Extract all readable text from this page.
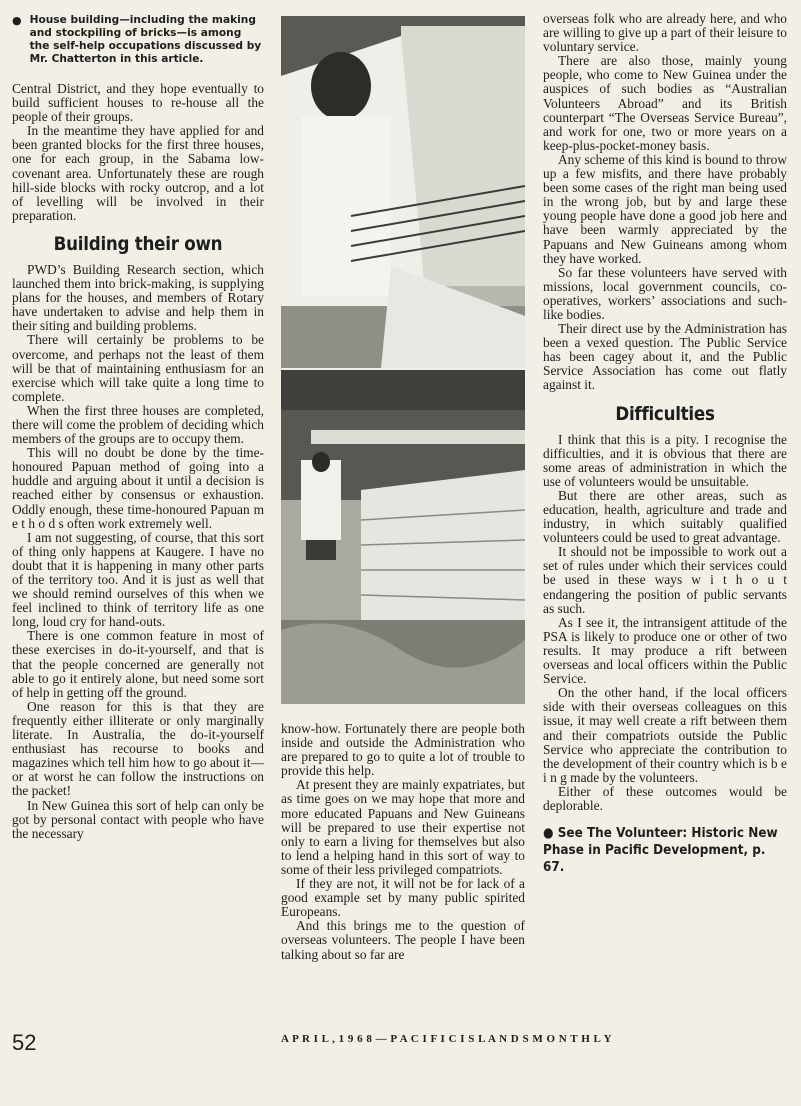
● House building—including the making and stockpiling of bricks—is among the self-help occupations discussed by Mr. Chatterton in this article.

Central District, and they hope eventually to build sufficient houses to re-house all the people of their groups.

In the meantime they have applied for and been granted blocks for the first three houses, one for each group, in the Sabama low-covenant area. Unfortunately these are rough hill-side blocks with rocky outcrop, and a lot of levelling will be involved in their preparation.

Building their own

PWD’s Building Research section, which launched them into brick-making, is supplying plans for the houses, and members of Rotary have undertaken to advise and help them in their siting and building problems.

There will certainly be problems to be overcome, and perhaps not the least of them will be that of maintaining enthusiasm for an exercise which will take quite a long time to complete.

When the first three houses are completed, there will come the problem of deciding which members of the groups are to occupy them.

This will no doubt be done by the time-honoured Papuan method of going into a huddle and arguing about it until a decision is reached either by consensus or exhaustion. Oddly enough, these time-honoured Papuan m e t h o d s often work extremely well.

I am not suggesting, of course, that this sort of thing only happens at Kaugere. I have no doubt that it is happening in many other parts of the territory too. And it is just as well that we should remind ourselves of this when we feel inclined to think of territory life as one long, loud cry for hand-outs.

There is one common feature in most of these exercises in do-it-yourself, and that is that the people concerned are generally not able to go it entirely alone, but need some sort of help in getting off the ground.

One reason for this is that they are frequently either illiterate or only marginally literate. In Australia, the do-it-yourself enthusiast has recourse to books and magazines which tell him how to go about it—or at worst he can follow the instructions on the packet!

In New Guinea this sort of help can only be got by personal contact with people who have the necessary

know-how. Fortunately there are people both inside and outside the Administration who are prepared to go to quite a lot of trouble to provide this help.

At present they are mainly expatriates, but as time goes on we may hope that more and more educated Papuans and New Guineans will be prepared to use their expertise not only to earn a living for themselves but also to lend a helping hand in this sort of way to some of their less privileged compatriots.

If they are not, it will not be for lack of a good example set by many public spirited Europeans.

And this brings me to the question of overseas volunteers. The people I have been talking about so far are

overseas folk who are already here, and who are willing to give up a part of their leisure to voluntary service.

There are also those, mainly young people, who come to New Guinea under the auspices of such bodies as “Australian Volunteers Abroad” and its British counterpart “The Overseas Service Bureau”, and work for one, two or more years on a keep-plus-pocket-money basis.

Any scheme of this kind is bound to throw up a few misfits, and there have probably been some cases of the right man being used in the wrong job, but by and large these young people have done a good job here and have been warmly appreciated by the Papuans and New Guineans among whom they have worked.

So far these volunteers have served with missions, local government councils, co-operatives, workers’ associations and such-like bodies.

Their direct use by the Administration has been a vexed question. The Public Service has been cagey about it, and the Public Service Association has come out flatly against it.

Difficulties

I think that this is a pity. I recognise the difficulties, and it is obvious that there are some areas of administration in which the use of volunteers would be unsuitable.

But there are other areas, such as education, health, agriculture and trade and industry, in which suitably qualified volunteers could be used to great advantage.

It should not be impossible to work out a set of rules under which their services could be used in these ways w i t h o u t endangering the position of public servants as such.

As I see it, the intransigent attitude of the PSA is likely to produce one or other of two results. It may produce a rift between overseas and local officers within the Public Service.

On the other hand, if the local officers side with their overseas colleagues on this issue, it may well create a rift between them and their compatriots outside the Public Service who appreciate the contribution to the development of their country which is b e i n g made by the volunteers.

Either of these outcomes would be deplorable.

● See The Volunteer: Historic New Phase in Pacific Development, p. 67.
52	A P R I L , 1 9 6 8 — P A C I F I C I S L A N D S M O N T H L Y
